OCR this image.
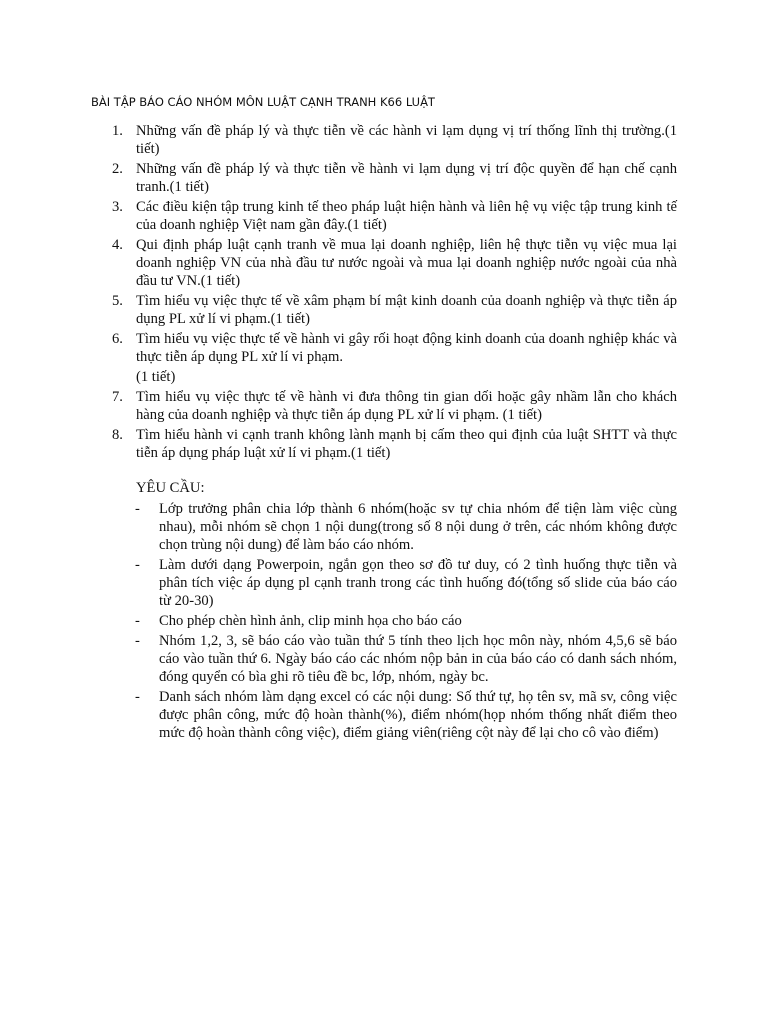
BÀI TẬP BÁO CÁO NHÓM MÔN LUẬT CẠNH TRANH K66 LUẬT
1. Những vấn đề pháp lý và thực tiễn về các hành vi lạm dụng vị trí thống lĩnh thị trường.(1 tiết)
2. Những vấn đề pháp lý và thực tiễn về hành vi lạm dụng vị trí độc quyền để hạn chế cạnh tranh.(1 tiết)
3. Các điều kiện tập trung kinh tế theo pháp luật hiện hành và liên hệ vụ việc tập trung kinh tế của doanh nghiệp Việt nam gần đây.(1 tiết)
4. Qui định pháp luật cạnh tranh về mua lại doanh nghiệp, liên hệ thực tiễn vụ việc mua lại doanh nghiệp VN của nhà đầu tư nước ngoài và mua lại doanh nghiệp nước ngoài của nhà đầu tư VN.(1 tiết)
5. Tìm hiểu vụ việc thực tế về xâm phạm bí mật kinh doanh của doanh nghiệp và thực tiễn áp dụng PL xử lí vi phạm.(1 tiết)
6. Tìm hiểu vụ việc thực tế về hành vi gây rối hoạt động kinh doanh của doanh nghiệp khác và thực tiễn áp dụng PL xử lí vi phạm.
(1 tiết)
7. Tìm hiểu vụ việc thực tế về hành vi đưa thông tin gian dối hoặc gây nhầm lẫn cho khách hàng của doanh nghiệp và thực tiễn áp dụng PL xử lí vi phạm. (1 tiết)
8. Tìm hiểu hành vi cạnh tranh không lành mạnh bị cấm theo qui định của luật SHTT và thực tiễn áp dụng pháp luật xử lí vi phạm.(1 tiết)
YÊU CẦU:
- Lớp trưởng phân chia lớp thành 6 nhóm(hoặc sv tự chia nhóm để tiện làm việc cùng nhau), mỗi nhóm sẽ chọn 1 nội dung(trong số 8 nội dung ở trên, các nhóm không được chọn trùng nội dung) để làm báo cáo nhóm.
- Làm dưới dạng Powerpoin, ngắn gọn theo sơ đồ tư duy, có 2 tình huống thực tiễn và phân tích việc áp dụng pl cạnh tranh trong các tình huống đó(tổng số slide của báo cáo từ 20-30)
- Cho phép chèn hình ảnh, clip minh họa cho báo cáo
- Nhóm 1,2, 3, sẽ báo cáo vào tuần thứ 5 tính theo lịch học môn này, nhóm 4,5,6 sẽ báo cáo vào tuần thứ 6. Ngày báo cáo các nhóm nộp bản in của báo cáo có danh sách nhóm, đóng quyển có bìa ghi rõ tiêu đề bc, lớp, nhóm, ngày bc.
- Danh sách nhóm làm dạng excel có các nội dung: Số thứ tự, họ tên sv, mã sv, công việc được phân công, mức độ hoàn thành(%), điểm nhóm(họp nhóm thống nhất điểm theo mức độ hoàn thành công việc), điểm giảng viên(riêng cột này để lại cho cô vào điểm)
